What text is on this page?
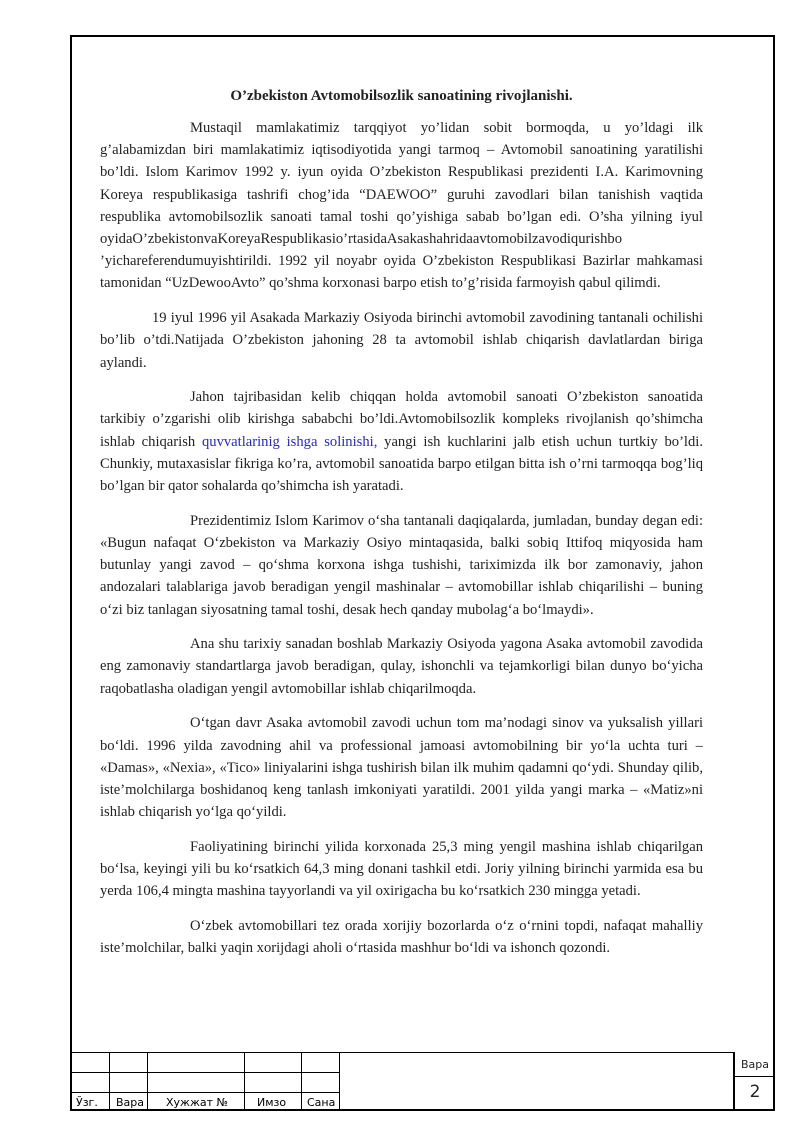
O’zbekiston Avtomobilsozlik sanoatining rivojlanishi.

Mustaqil mamlakatimiz tarqqiyot yo’lidan sobit bormoqda, u yo’ldagi ilk g’alabamizdan biri mamlakatimiz iqtisodiyotida yangi tarmoq – Avtomobil sanoatining yaratilishi bo’ldi. Islom Karimov 1992 y. iyun oyida O’zbekiston Respublikasi prezidenti I.A. Karimovning Koreya respublikasiga tashrifi chog’ida “DAEWOO” guruhi zavodlari bilan tanishish vaqtida respublika avtomobilsozlik sanoati tamal toshi qo’yishiga sabab bo’lgan edi. O’sha yilning iyul

oyidaO’zbekistonvaKoreyaRespublikasio’rtasidaAsakashahridaavtomobilzavodiqurishbo

’yichareferendumuyishtirildi. 1992 yil noyabr oyida O’zbekiston Respublikasi Bazirlar mahkamasi tamonidan “UzDewooAvto” qo’shma korxonasi barpo etish to’g’risida farmoyish qabul qilimdi.

19 iyul 1996 yil Asakada Markaziy Osiyoda birinchi avtomobil zavodining tantanali ochilishi bo’lib o’tdi.Natijada O’zbekiston jahoning 28 ta avtomobil ishlab chiqarish davlatlardan biriga aylandi.

Jahon tajribasidan kelib chiqqan holda avtomobil sanoati O’zbekiston sanoatida tarkibiy o’zgarishi olib kirishga sababchi bo’ldi.Avtomobilsozlik kompleks rivojlanish qo’shimcha ishlab chiqarish quvvatlarinig ishga solinishi, yangi ish kuchlarini jalb etish uchun turtkiy bo’ldi. Chunkiy, mutaxasislar fikriga ko’ra, avtomobil sanoatida barpo etilgan bitta ish o’rni tarmoqqa bog’liq bo’lgan bir qator sohalarda qo’shimcha ish yaratadi.

Prezidentimiz Islom Karimov o‘sha tantanali daqiqalarda, jumladan, bunday degan edi: «Bugun nafaqat O‘zbekiston va Markaziy Osiyo mintaqasida, balki sobiq Ittifoq miqyosida ham butunlay yangi zavod – qo‘shma korxona ishga tushishi, tariximizda ilk bor zamonaviy, jahon andozalari talablariga javob beradigan yengil mashinalar – avtomobillar ishlab chiqarilishi – buning o‘zi biz tanlagan siyosatning tamal toshi, desak hech qanday mubolag‘a bo‘lmaydi».

Ana shu tarixiy sanadan boshlab Markaziy Osiyoda yagona Asaka avtomobil zavodida eng zamonaviy standartlarga javob beradigan, qulay, ishonchli va tejamkorligi bilan dunyo bo‘yicha raqobatlasha oladigan yengil avtomobillar ishlab chiqarilmoqda.

O‘tgan davr Asaka avtomobil zavodi uchun tom ma’nodagi sinov va yuksalish yillari bo‘ldi. 1996 yilda zavodning ahil va professional jamoasi avtomobilning bir yo‘la uchta turi – «Damas», «Nexia», «Tico» liniyalarini ishga tushirish bilan ilk muhim qadamni qo‘ydi. Shunday qilib, iste’molchilarga boshidanoq keng tanlash imkoniyati yaratildi. 2001 yilda yangi marka – «Matiz»ni ishlab chiqarish yo‘lga qo‘yildi.

Faoliyatining birinchi yilida korxonada 25,3 ming yengil mashina ishlab chiqarilgan bo‘lsa, keyingi yili bu ko‘rsatkich 64,3 ming donani tashkil etdi. Joriy yilning birinchi yarmida esa bu yerda 106,4 mingta mashina tayyorlandi va yil oxirigacha bu ko‘rsatkich 230 mingga yetadi.

O‘zbek avtomobillari tez orada xorijiy bozorlarda o‘z o‘rnini topdi, nafaqat mahalliy iste’molchilar, balki yaqin xorijdagi aholi o‘rtasida mashhur bo‘ldi va ishonch qozondi.

Ўзг. Вара Хужжат №	Имзо Сана
Вара
2
